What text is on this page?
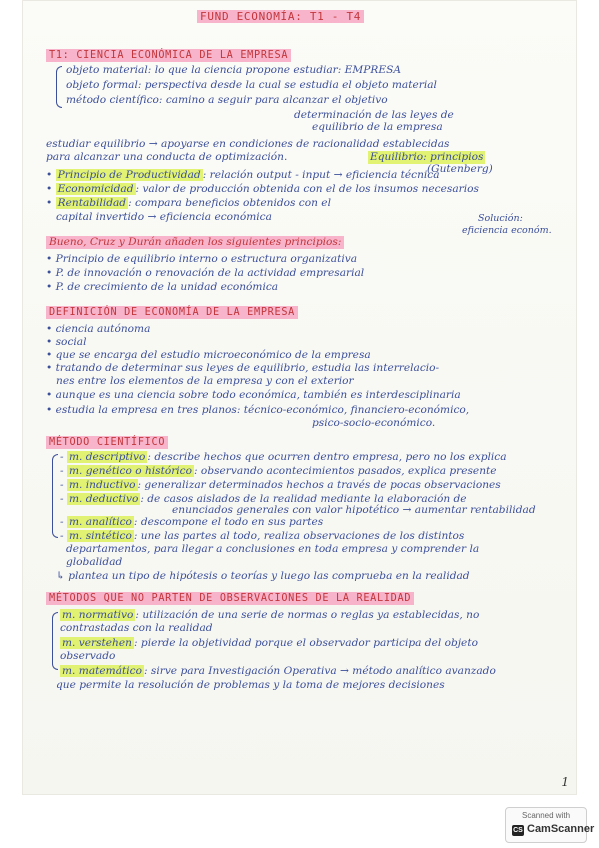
FUND ECONOMÍA: T1 - T4
T1: CIENCIA ECONÓMICA DE LA EMPRESA
objeto material: lo que la ciencia propone estudiar: EMPRESA
objeto formal: perspectiva desde la cual se estudia el objeto material
método científico: camino a seguir para alcanzar el objetivo
determinación de las leyes de
equilibrio de la empresa
estudiar equilibrio → apoyarse en condiciones de racionalidad establecidas
para alcanzar una conducta de optimización.	Equilibrio: principios
(Gutenberg)
• Principio de Productividad : relación output - input → eficiencia técnica
• Economicidad : valor de producción obtenida con el de los insumos necesarios
• Rentabilidad : compara beneficios obtenidos con el
capital invertido → eficiencia económica	Solución:
eficiencia económ.
Bueno, Cruz y Durán añaden los siguientes principios:
• Principio de equilibrio interno o estructura organizativa
• P. de innovación o renovación de la actividad empresarial
• P. de crecimiento de la unidad económica
DEFINICIÓN DE ECONOMÍA DE LA EMPRESA
• ciencia autónoma
• social
• que se encarga del estudio microeconómico de la empresa
• tratando de determinar sus leyes de equilibrio, estudia las interrelacio-
nes entre los elementos de la empresa y con el exterior
• aunque es una ciencia sobre todo económica, también es interdesciplinaria
• estudia la empresa en tres planos: técnico-económico, financiero-económico,
psico-socio-económico.
MÉTODO CIENTÍFICO
- m. descriptivo : describe hechos que ocurren dentro empresa, pero no los explica
- m. genético o histórico : observando acontecimientos pasados, explica presente
- m. inductivo : generalizar determinados hechos a través de pocas observaciones
- m. deductivo : de casos aislados de la realidad mediante la elaboración de
enunciados generales con valor hipotético → aumentar rentabilidad
- m. analítico : descompone el todo en sus partes
- m. sintético : une las partes al todo, realiza observaciones de los distintos
departamentos, para llegar a conclusiones en toda empresa y comprender la
globalidad
↳ plantea un tipo de hipótesis o teorías y luego las comprueba en la realidad
MÉTODOS QUE NO PARTEN DE OBSERVACIONES DE LA REALIDAD
m. normativo : utilización de una serie de normas o reglas ya establecidas, no
contrastadas con la realidad
m. verstehen : pierde la objetividad porque el observador participa del objeto
observado
m. matemático : sirve para Investigación Operativa → método analítico avanzado
que permite la resolución de problemas y la toma de mejores decisiones
1
Scanned with
CS CamScanner
